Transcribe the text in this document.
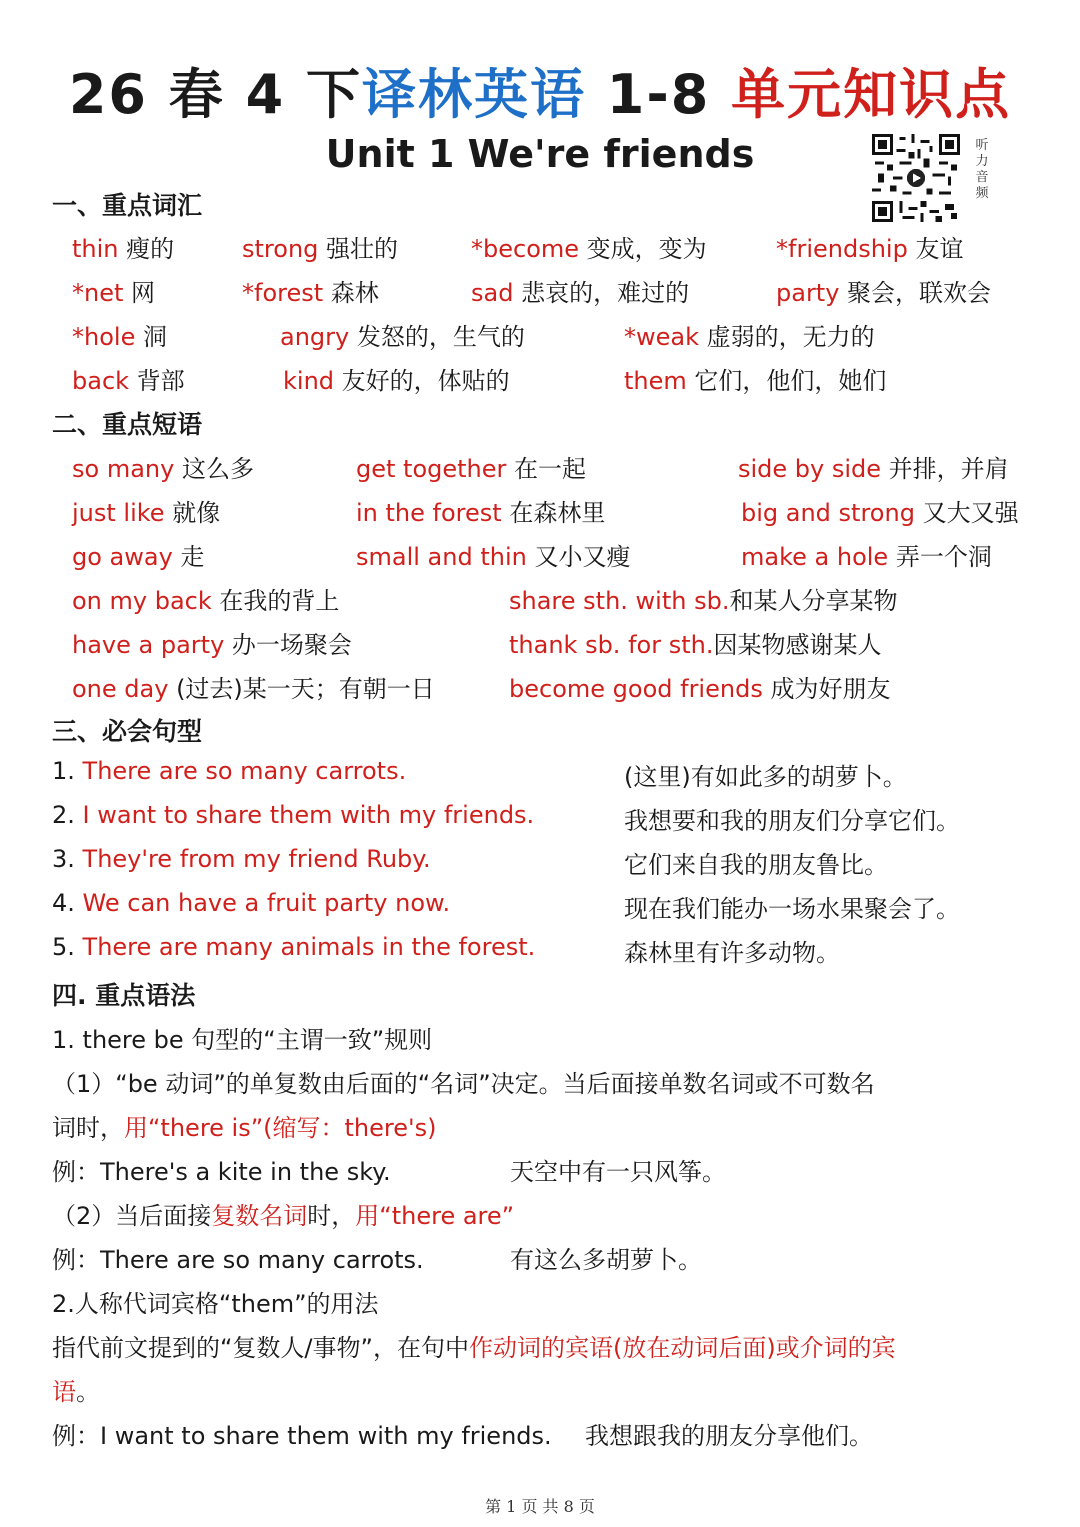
26 春 4 下译林英语 1-8 单元知识点
Unit 1 We're friends	听力音频
一、重点词汇
thin 瘦的	strong 强壮的	*become 变成，变为	*friendship 友谊
*net 网	*forest 森林	sad 悲哀的，难过的	party 聚会，联欢会
*hole 洞	angry 发怒的，生气的	*weak 虚弱的，无力的
back 背部	kind 友好的，体贴的	them 它们，他们，她们
二、重点短语
so many 这么多	get together 在一起	side by side 并排，并肩
just like 就像	in the forest 在森林里	big and strong 又大又强
go away 走	small and thin 又小又瘦	make a hole 弄一个洞
on my back 在我的背上	share sth. with sb.和某人分享某物
have a party 办一场聚会	thank sb. for sth.因某物感谢某人
one day (过去)某一天；有朝一日	become good friends 成为好朋友
三、必会句型
1. There are so many carrots.	(这里)有如此多的胡萝卜。
2. I want to share them with my friends.	我想要和我的朋友们分享它们。
3. They're from my friend Ruby.	它们来自我的朋友鲁比。
4. We can have a fruit party now.	现在我们能办一场水果聚会了。
5. There are many animals in the forest.	森林里有许多动物。
四. 重点语法
1. there be 句型的“主谓一致”规则
（1）“be 动词”的单复数由后面的“名词”决定。当后面接单数名词或不可数名
词时，用“there is”(缩写：there's)
例：There's a kite in the sky.	天空中有一只风筝。
（2）当后面接复数名词时，用“there are”
例：There are so many carrots.	有这么多胡萝卜。
2.人称代词宾格“them”的用法
指代前文提到的“复数人/事物”，在句中作动词的宾语(放在动词后面)或介词的宾
语。
例：I want to share them with my friends. 我想跟我的朋友分享他们。
第 1 页 共 8 页
